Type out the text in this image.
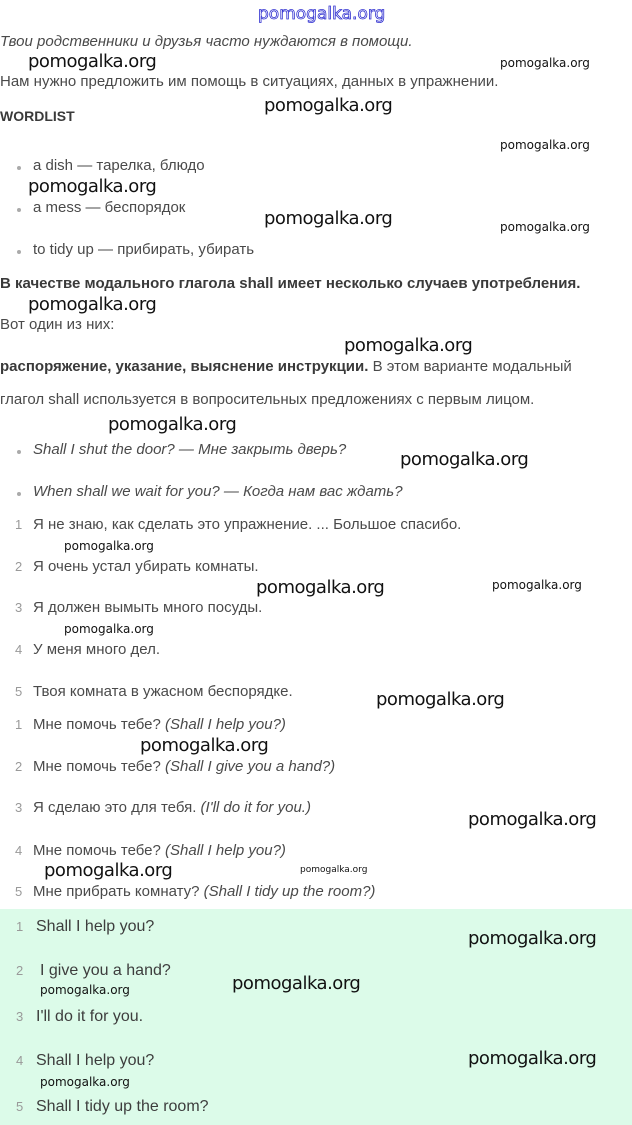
Твои родственники и друзья часто нуждаются в помощи.
Нам нужно предложить им помощь в ситуациях, данных в упражнении.
WORDLIST
a dish — тарелка, блюдо
a mess — беспорядок
to tidy up — прибирать, убирать
В качестве модального глагола shall имеет несколько случаев употребления.
Вот один из них:
распоряжение, указание, выяснение инструкции. В этом варианте модальный
глагол shall используется в вопросительных предложениях с первым лицом.
Shall I shut the door? — Мне закрыть дверь?
When shall we wait for you? — Когда нам вас ждать?
1 Я не знаю, как сделать это упражнение. ... Большое спасибо.
2 Я очень устал убирать комнаты.
3 Я должен вымыть много посуды.
4 У меня много дел.
5 Твоя комната в ужасном беспорядке.
1 Мне помочь тебе? (Shall I help you?)
2 Мне помочь тебе? (Shall I give you a hand?)
3 Я сделаю это для тебя. (I'll do it for you.)
4 Мне помочь тебе? (Shall I help you?)
5 Мне прибрать комнату? (Shall I tidy up the room?)
1 Shall I help you?
2 I give you a hand?
3 I'll do it for you.
4 Shall I help you?
5 Shall I tidy up the room?
pomogalka.org
pomogalka.org
pomogalka.org
pomogalka.org
pomogalka.org
pomogalka.org
pomogalka.org
pomogalka.org
pomogalka.org
pomogalka.org
pomogalka.org
pomogalka.org
pomogalka.org
pomogalka.org
pomogalka.org
pomogalka.org
pomogalka.org
pomogalka.org
pomogalka.org
pomogalka.org
pomogalka.org
pomogalka.org
pomogalka.org
pomogalka.org
pomogalka.org
pomogalka.org
